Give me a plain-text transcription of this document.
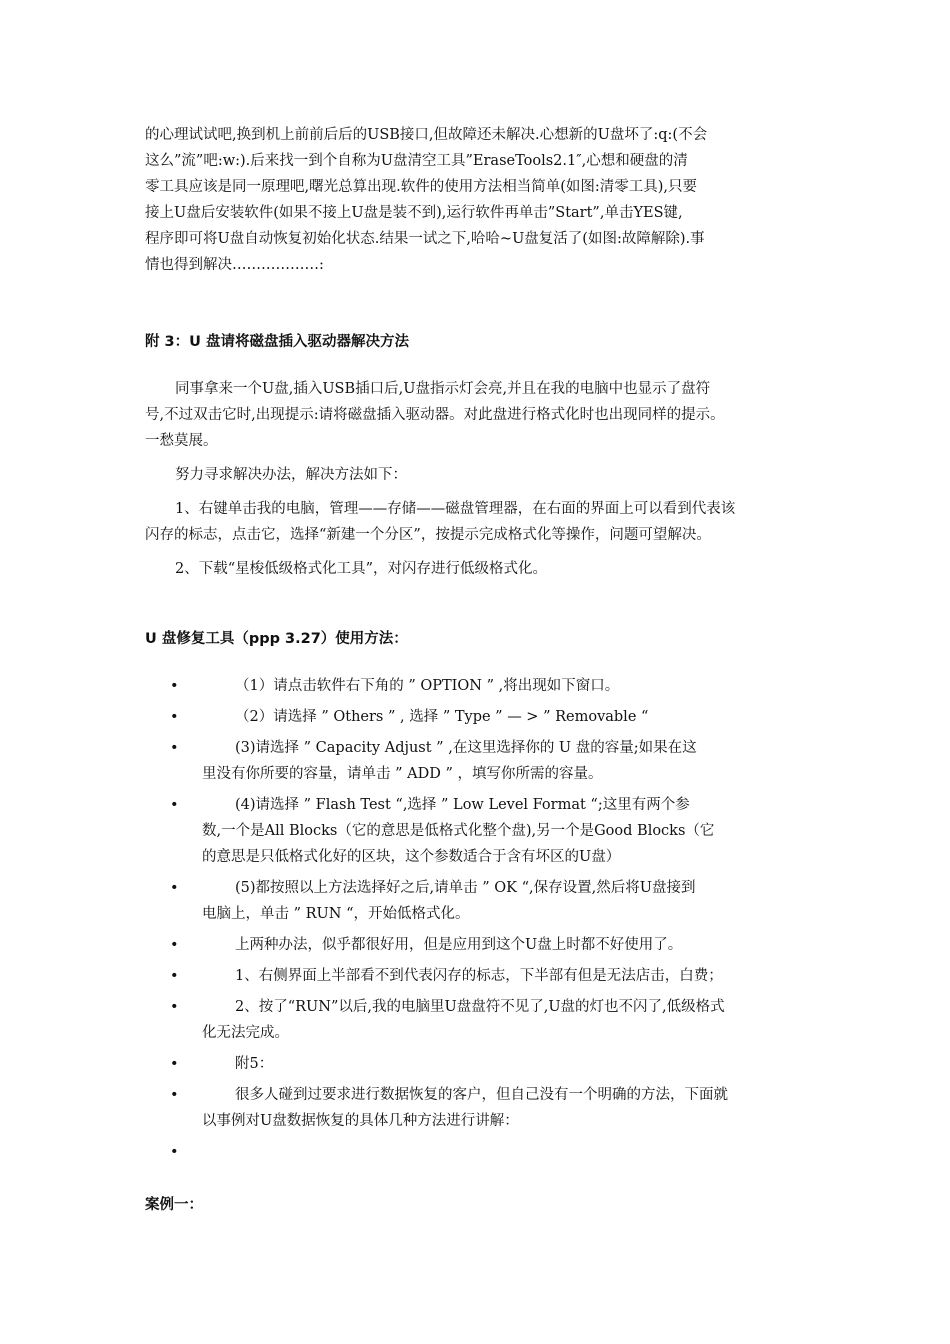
的心理试试吧,换到机上前前后后的USB接口,但故障还未解决.心想新的U盘坏了:q:(不会
这么”流”吧:w:).后来找一到个自称为U盘清空工具”EraseTools2.1″,心想和硬盘的清
零工具应该是同一原理吧,曙光总算出现.软件的使用方法相当简单(如图:清零工具),只要
接上U盘后安装软件(如果不接上U盘是装不到),运行软件再单击”Start”,单击YES键,
程序即可将U盘自动恢复初始化状态.结果一试之下,哈哈~U盘复活了(如图:故障解除).事
情也得到解决………………:
附 3：U 盘请将磁盘插入驱动器解决方法
同事拿来一个U盘,插入USB插口后,U盘指示灯会亮,并且在我的电脑中也显示了盘符
号,不过双击它时,出现提示:请将磁盘插入驱动器。对此盘进行格式化时也出现同样的提示。
一愁莫展。
努力寻求解决办法，解决方法如下：
1、右键单击我的电脑，管理——存储——磁盘管理器，在右面的界面上可以看到代表该
闪存的标志，点击它，选择“新建一个分区”，按提示完成格式化等操作，问题可望解决。
2、下载“星梭低级格式化工具”，对闪存进行低级格式化。
U 盘修复工具（ppp 3.27）使用方法：
•	（1）请点击软件右下角的 ” OPTION ” ,将出现如下窗口。
•	（2）请选择 ” Others ” , 选择 ” Type ” — > ” Removable “
•	(3)请选择 ” Capacity Adjust ” ,在这里选择你的 U 盘的容量;如果在这
里没有你所要的容量，请单击 ” ADD ” ，填写你所需的容量。
•	(4)请选择 ” Flash Test “,选择 ” Low Level Format “;这里有两个参
数,一个是All Blocks（它的意思是低格式化整个盘),另一个是Good Blocks（它
的意思是只低格式化好的区块，这个参数适合于含有坏区的U盘）
•	(5)都按照以上方法选择好之后,请单击 ” OK “,保存设置,然后将U盘接到
电脑上，单击 ” RUN “，开始低格式化。
•	上两种办法，似乎都很好用，但是应用到这个U盘上时都不好使用了。
•	1、右侧界面上半部看不到代表闪存的标志，下半部有但是无法店击，白费；
•	2、按了“RUN”以后,我的电脑里U盘盘符不见了,U盘的灯也不闪了,低级格式
化无法完成。
•	附5：
•	很多人碰到过要求进行数据恢复的客户，但自己没有一个明确的方法，下面就
以事例对U盘数据恢复的具体几种方法进行讲解：
•

案例一：
